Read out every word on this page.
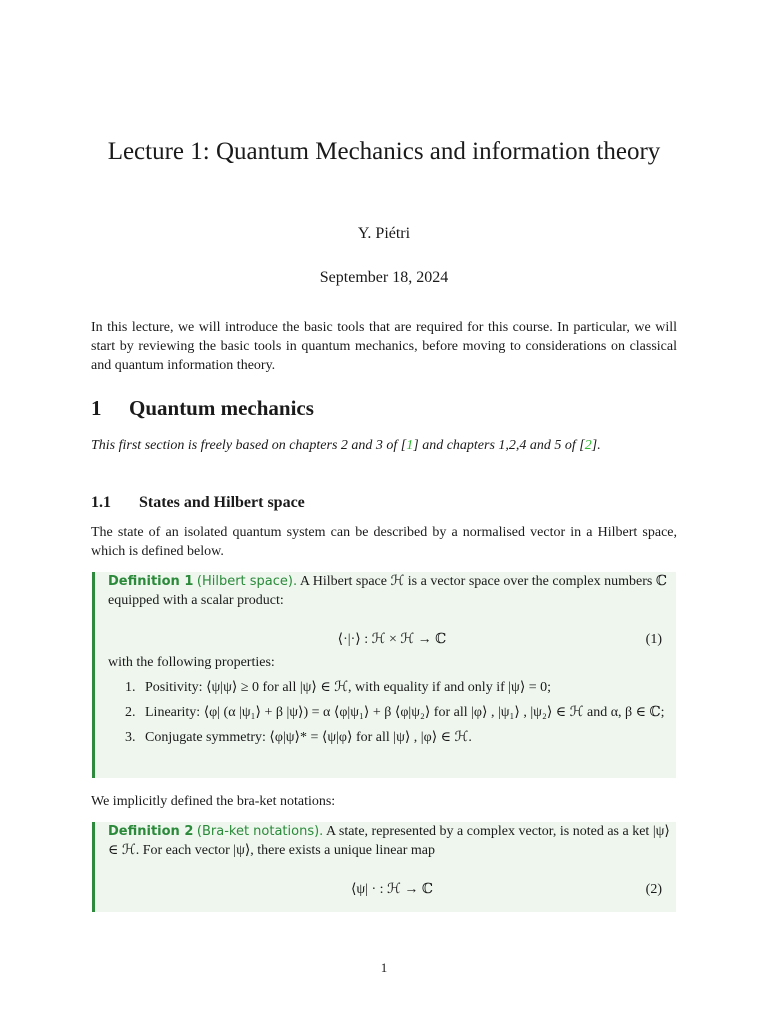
Lecture 1: Quantum Mechanics and information theory
Y. Piétri
September 18, 2024
In this lecture, we will introduce the basic tools that are required for this course. In particular, we will start by reviewing the basic tools in quantum mechanics, before moving to considerations on classical and quantum information theory.
1 Quantum mechanics
This first section is freely based on chapters 2 and 3 of [1] and chapters 1,2,4 and 5 of [2].
1.1 States and Hilbert space
The state of an isolated quantum system can be described by a normalised vector in a Hilbert space, which is defined below.
Definition 1 (Hilbert space). A Hilbert space ℋ is a vector space over the complex numbers ℂ equipped with a scalar product:
⟨·|·⟩ : ℋ × ℋ → ℂ	(1)
with the following properties:
1. Positivity: ⟨ψ|ψ⟩ ≥ 0 for all |ψ⟩ ∈ ℋ, with equality if and only if |ψ⟩ = 0;
2. Linearity: ⟨φ| (α |ψ₁⟩ + β |ψ⟩) = α ⟨φ|ψ₁⟩ + β ⟨φ|ψ₂⟩ for all |φ⟩ , |ψ₁⟩ , |ψ₂⟩ ∈ ℋ and α, β ∈ ℂ;
3. Conjugate symmetry: ⟨φ|ψ⟩* = ⟨ψ|φ⟩ for all |ψ⟩ , |φ⟩ ∈ ℋ.
We implicitly defined the bra-ket notations:
Definition 2 (Bra-ket notations). A state, represented by a complex vector, is noted as a ket |ψ⟩ ∈ ℋ. For each vector |ψ⟩, there exists a unique linear map
⟨ψ| · : ℋ → ℂ	(2)
1
